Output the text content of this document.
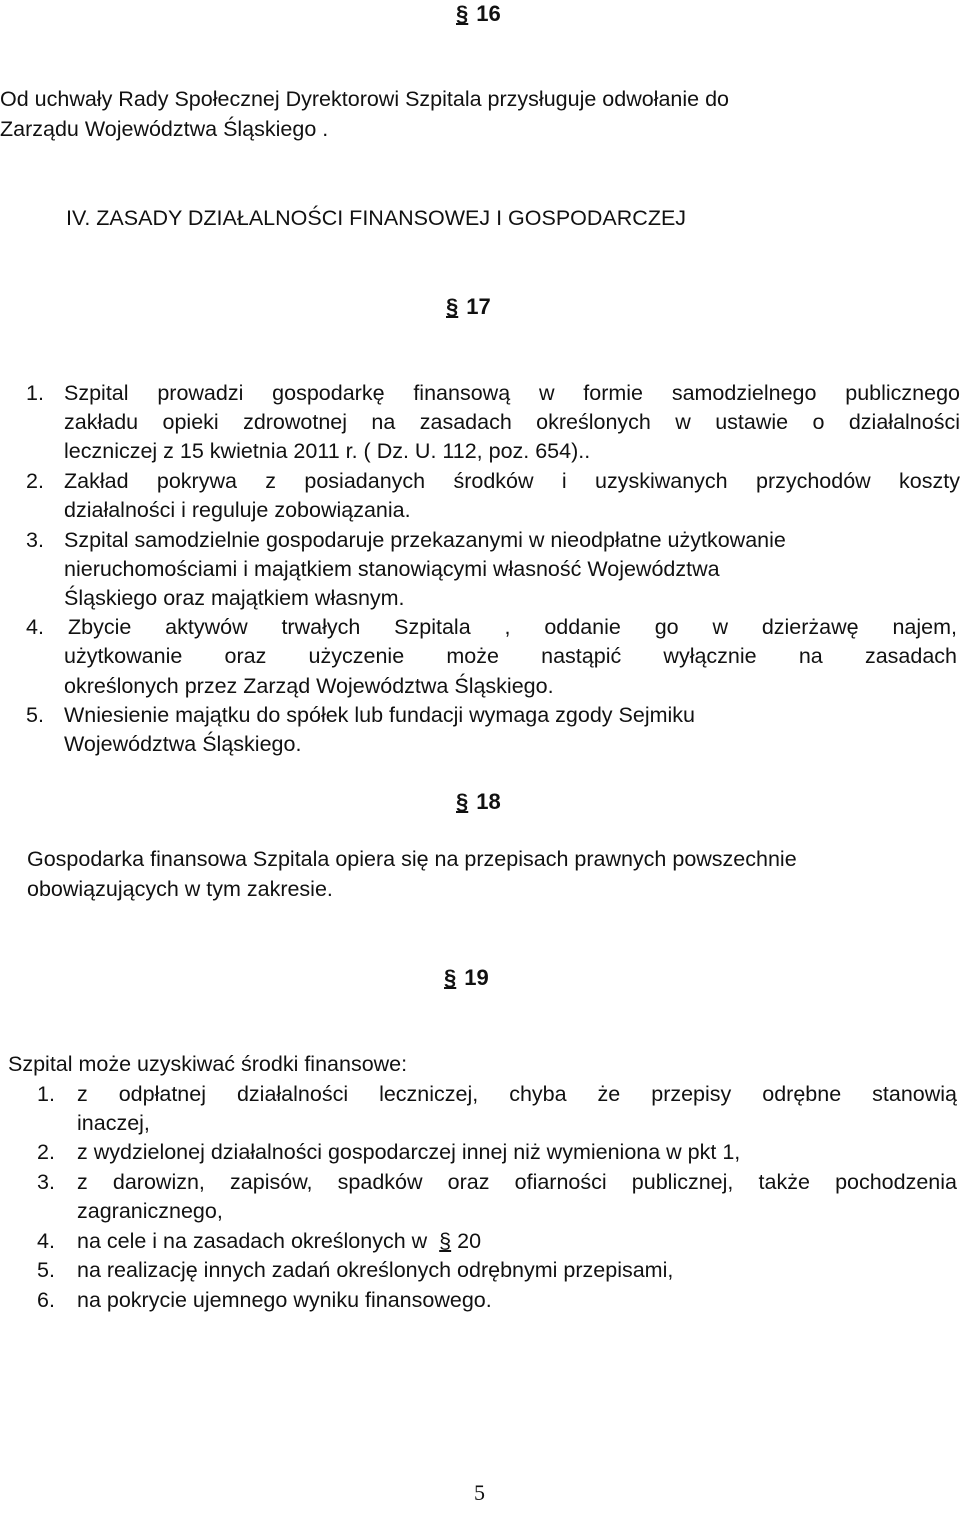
§ 16
Od uchwały Rady Społecznej Dyrektorowi Szpitala przysługuje odwołanie do
Zarządu Województwa Śląskiego .
IV. ZASADY DZIAŁALNOŚCI FINANSOWEJ I GOSPODARCZEJ
§ 17
1. Szpital prowadzi gospodarkę finansową w formie samodzielnego publicznego
zakładu opieki zdrowotnej na zasadach określonych w ustawie o działalności
leczniczej z 15 kwietnia 2011 r. ( Dz. U. 112, poz. 654)..
2. Zakład pokrywa z posiadanych środków i uzyskiwanych przychodów koszty
działalności i reguluje zobowiązania.
3. Szpital samodzielnie gospodaruje przekazanymi w nieodpłatne użytkowanie
nieruchomościami i majątkiem stanowiącymi własność Województwa
Śląskiego oraz majątkiem własnym.
4. Zbycie aktywów trwałych Szpitala , oddanie go w dzierżawę najem,
użytkowanie oraz użyczenie może nastąpić wyłącznie na zasadach
określonych przez Zarząd Województwa Śląskiego.
5. Wniesienie majątku do spółek lub fundacji wymaga zgody Sejmiku
Województwa Śląskiego.
§ 18
Gospodarka finansowa Szpitala opiera się na przepisach prawnych powszechnie
obowiązujących w tym zakresie.
§ 19
Szpital może uzyskiwać środki finansowe:
1. z odpłatnej działalności leczniczej, chyba że przepisy odrębne stanowią
inaczej,
2. z wydzielonej działalności gospodarczej innej niż wymieniona w pkt 1,
3. z darowizn, zapisów, spadków oraz ofiarności publicznej, także pochodzenia
zagranicznego,
4. na cele i na zasadach określonych w § 20
5. na realizację innych zadań określonych odrębnymi przepisami,
6. na pokrycie ujemnego wyniku finansowego.
5
